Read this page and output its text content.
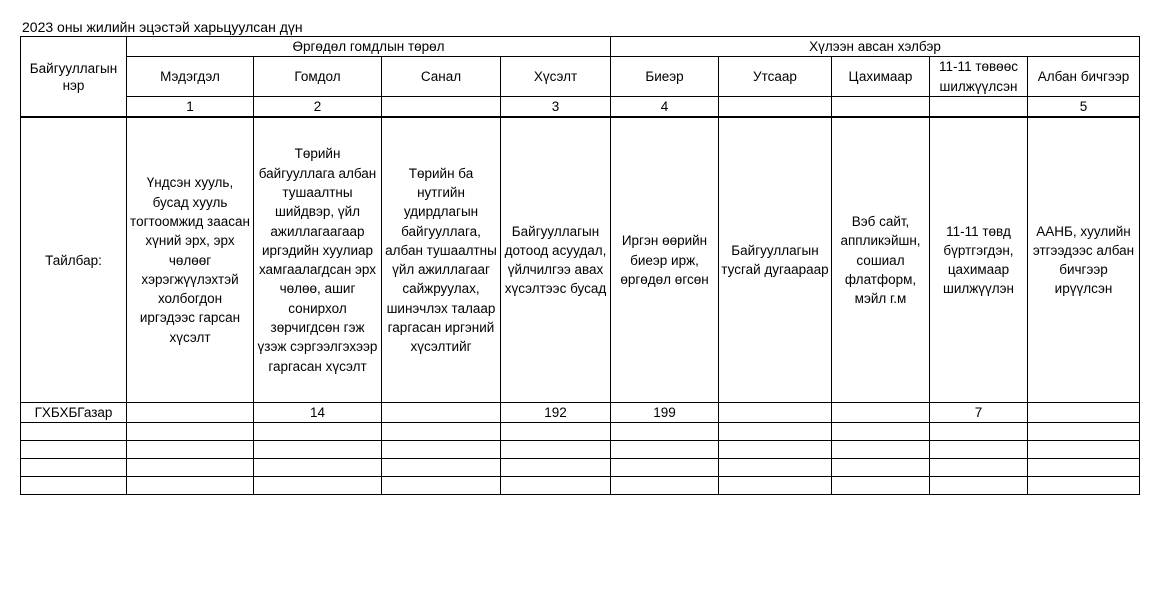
2023 оны жилийн эцэстэй харьцуулсан дүн
Байгууллагын нэр	Өргөдөл гомдлын төрөл				Хүлээн авсан хэлбэр				
	Мэдэгдэл	Гомдол	Санал	Хүсэлт	Биеэр	Утсаар	Цахимаар	11-11 төвөөс шилжүүлсэн	Албан бичгээр
	1	2		3	4				5
Тайлбар:	Үндсэн хууль, бусад хууль тогтоомжид заасан хүний эрх, эрх чөлөөг хэрэгжүүлэхтэй холбогдон иргэдээс гарсан хүсэлт	Төрийн байгууллага албан тушаалтны шийдвэр, үйл ажиллагаагаар иргэдийн хуулиар хамгаалагдсан эрх чөлөө, ашиг сонирхол зөрчигдсөн гэж үзэж сэргээлгэхээр гаргасан хүсэлт	Төрийн ба нутгийн удирдлагын байгууллага, албан тушаалтны үйл ажиллагааг сайжруулах, шинэчлэх талаар гаргасан иргэний хүсэлтийг	Байгууллагын дотоод асуудал, үйлчилгээ авах хүсэлтээс бусад	Иргэн өөрийн биеэр ирж, өргөдөл өгсөн	Байгууллагын тусгай дугаараар	Вэб сайт, аппликэйшн, сошиал флатформ, мэйл г.м	11-11 төвд бүртгэгдэн, цахимаар шилжүүлэн	ААНБ, хуулийн этгээдээс албан бичгээр ирүүлсэн
ГХБХБГазар		14		192	199			7	
